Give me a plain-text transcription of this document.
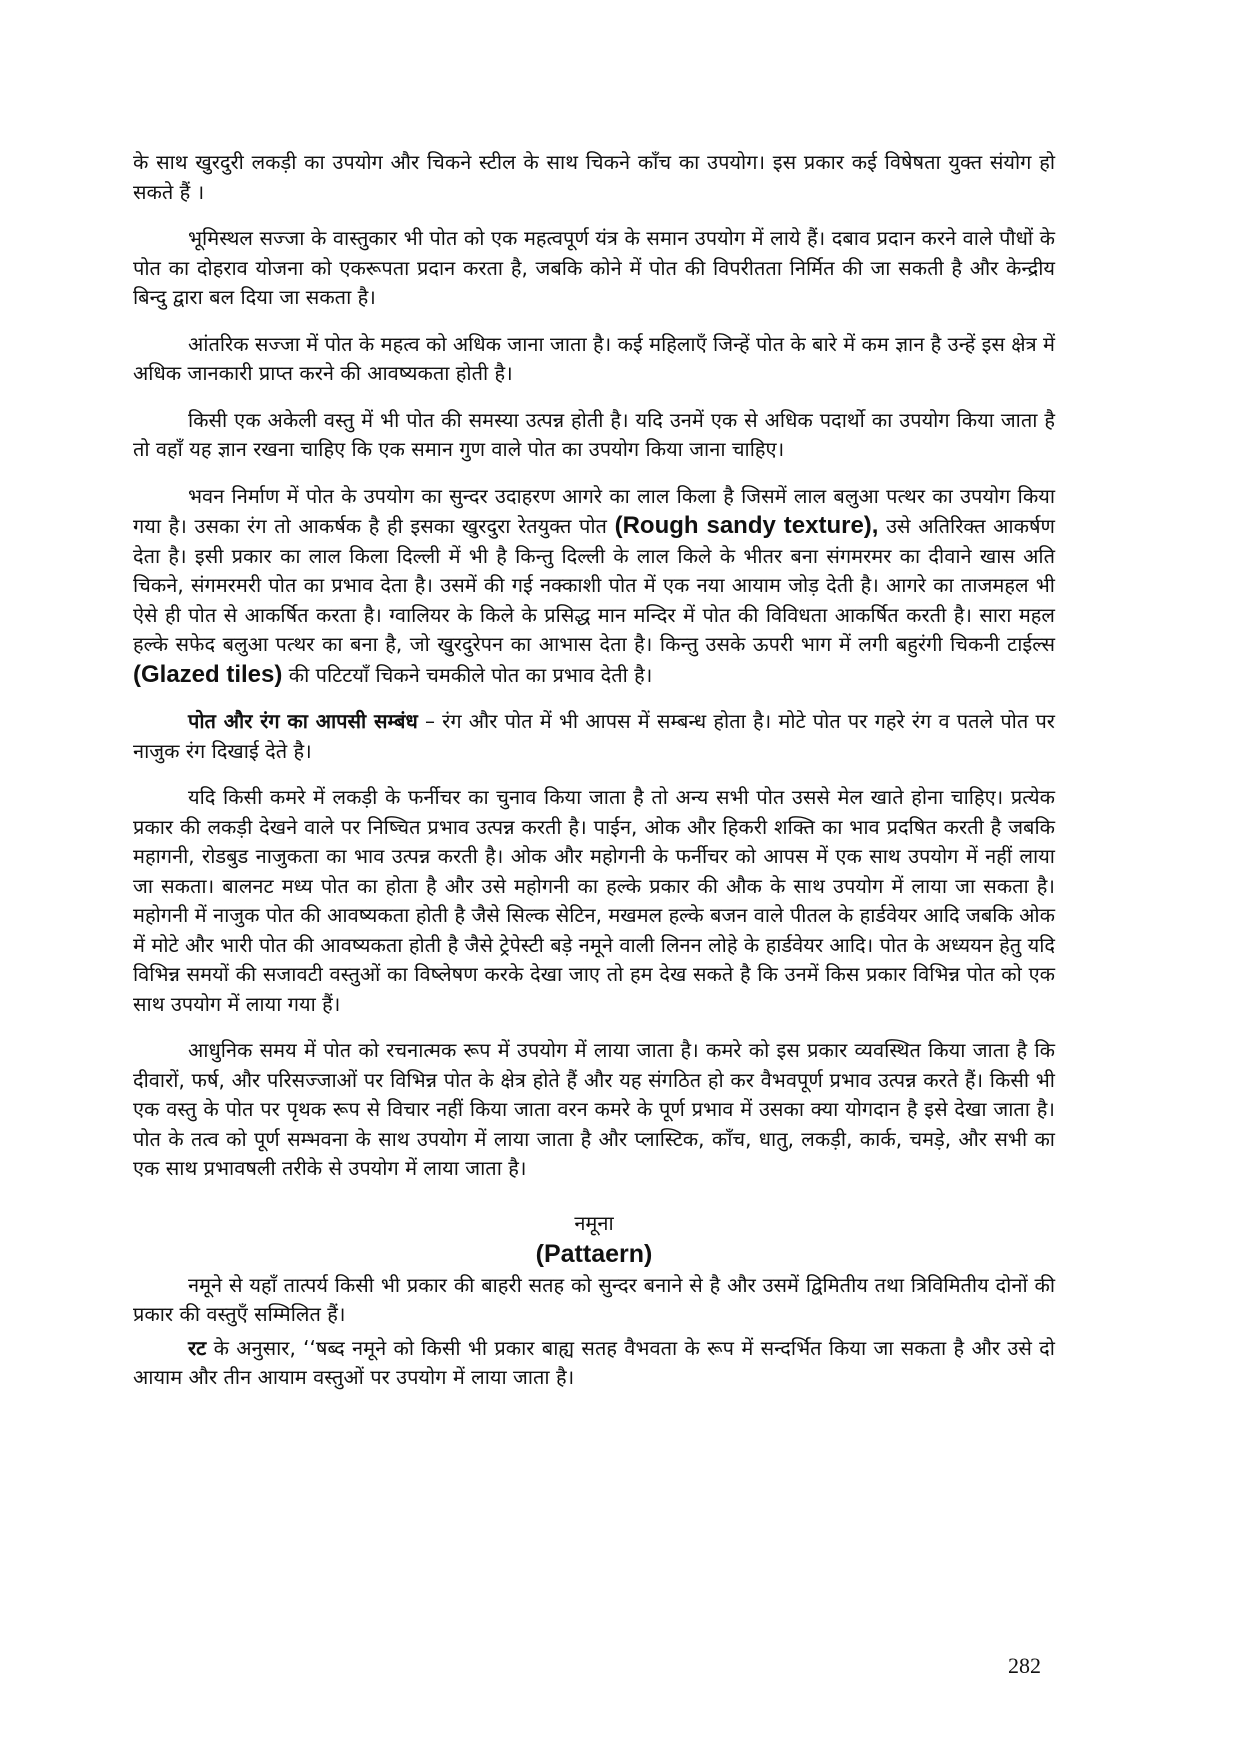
के साथ खुरदुरी लकड़ी का उपयोग और चिकने स्टील के साथ चिकने काँच का उपयोग। इस प्रकार कई विषेषता युक्त संयोग हो सकते हैं ।

भूमिस्थल सज्जा के वास्तुकार भी पोत को एक महत्वपूर्ण यंत्र के समान उपयोग में लाये हैं। दबाव प्रदान करने वाले पौधों के पोत का दोहराव योजना को एकरूपता प्रदान करता है, जबकि कोने में पोत की विपरीतता निर्मित की जा सकती है और केन्द्रीय बिन्दु द्वारा बल दिया जा सकता है।

आंतरिक सज्जा में पोत के महत्व को अधिक जाना जाता है। कई महिलाएँ जिन्हें पोत के बारे में कम ज्ञान है उन्हें इस क्षेत्र में अधिक जानकारी प्राप्त करने की आवष्यकता होती है।

किसी एक अकेली वस्तु में भी पोत की समस्या उत्पन्न होती है। यदि उनमें एक से अधिक पदार्थो का उपयोग किया जाता है तो वहाँ यह ज्ञान रखना चाहिए कि एक समान गुण वाले पोत का उपयोग किया जाना चाहिए।

भवन निर्माण में पोत के उपयोग का सुन्दर उदाहरण आगरे का लाल किला है जिसमें लाल बलुआ पत्थर का उपयोग किया गया है। उसका रंग तो आकर्षक है ही इसका खुरदुरा रेतयुक्त पोत (Rough sandy texture), उसे अतिरिक्त आकर्षण देता है। इसी प्रकार का लाल किला दिल्ली में भी है किन्तु दिल्ली के लाल किले के भीतर बना संगमरमर का दीवाने खास अति चिकने, संगमरमरी पोत का प्रभाव देता है। उसमें की गई नक्काशी पोत में एक नया आयाम जोड़ देती है। आगरे का ताजमहल भी ऐसे ही पोत से आकर्षित करता है। ग्वालियर के किले के प्रसिद्ध मान मन्दिर में पोत की विविधता आकर्षित करती है। सारा महल हल्के सफेद बलुआ पत्थर का बना है, जो खुरदुरेपन का आभास देता है। किन्तु उसके ऊपरी भाग में लगी बहुरंगी चिकनी टाईल्स (Glazed tiles) की पटिटयाँ चिकने चमकीले पोत का प्रभाव देती है।

पोत और रंग का आपसी सम्बंध – रंग और पोत में भी आपस में सम्बन्ध होता है। मोटे पोत पर गहरे रंग व पतले पोत पर नाजुक रंग दिखाई देते है।

यदि किसी कमरे में लकड़ी के फर्नीचर का चुनाव किया जाता है तो अन्य सभी पोत उससे मेल खाते होना चाहिए। प्रत्येक प्रकार की लकड़ी देखने वाले पर निष्चित प्रभाव उत्पन्न करती है। पाईन, ओक और हिकरी शक्ति का भाव प्रदषित करती है जबकि महागनी, रोडबुड नाजुकता का भाव उत्पन्न करती है। ओक और महोगनी के फर्नीचर को आपस में एक साथ उपयोग में नहीं लाया जा सकता। बालनट मध्य पोत का होता है और उसे महोगनी का हल्के प्रकार की औक के साथ उपयोग में लाया जा सकता है। महोगनी में नाजुक पोत की आवष्यकता होती है जैसे सिल्क सेटिन, मखमल हल्के बजन वाले पीतल के हार्डवेयर आदि जबकि ओक में मोटे और भारी पोत की आवष्यकता होती है जैसे ट्रेपेस्टी बड़े नमूने वाली लिनन लोहे के हार्डवेयर आदि। पोत के अध्ययन हेतु यदि विभिन्न समयों की सजावटी वस्तुओं का विष्लेषण करके देखा जाए तो हम देख सकते है कि उनमें किस प्रकार विभिन्न पोत को एक साथ उपयोग में लाया गया हैं।

आधुनिक समय में पोत को रचनात्मक रूप में उपयोग में लाया जाता है। कमरे को इस प्रकार व्यवस्थित किया जाता है कि दीवारों, फर्ष, और परिसज्जाओं पर विभिन्न पोत के क्षेत्र होते हैं और यह संगठित हो कर वैभवपूर्ण प्रभाव उत्पन्न करते हैं। किसी भी एक वस्तु के पोत पर पृथक रूप से विचार नहीं किया जाता वरन कमरे के पूर्ण प्रभाव में उसका क्या योगदान है इसे देखा जाता है। पोत के तत्व को पूर्ण सम्भवना के साथ उपयोग में लाया जाता है और प्लास्टिक, काँच, धातु, लकड़ी, कार्क, चमड़े, और सभी का एक साथ प्रभावषली तरीके से उपयोग में लाया जाता है।

नमूना
(Pattaern)

नमूने से यहाँ तात्पर्य किसी भी प्रकार की बाहरी सतह को सुन्दर बनाने से है और उसमें द्विमितीय तथा त्रिविमितीय दोनों की प्रकार की वस्तुएँ सम्मिलित हैं।

रट के अनुसार, ‘‘षब्द नमूने को किसी भी प्रकार बाह्य सतह वैभवता के रूप में सन्दर्भित किया जा सकता है और उसे दो आयाम और तीन आयाम वस्तुओं पर उपयोग में लाया जाता है।

282
